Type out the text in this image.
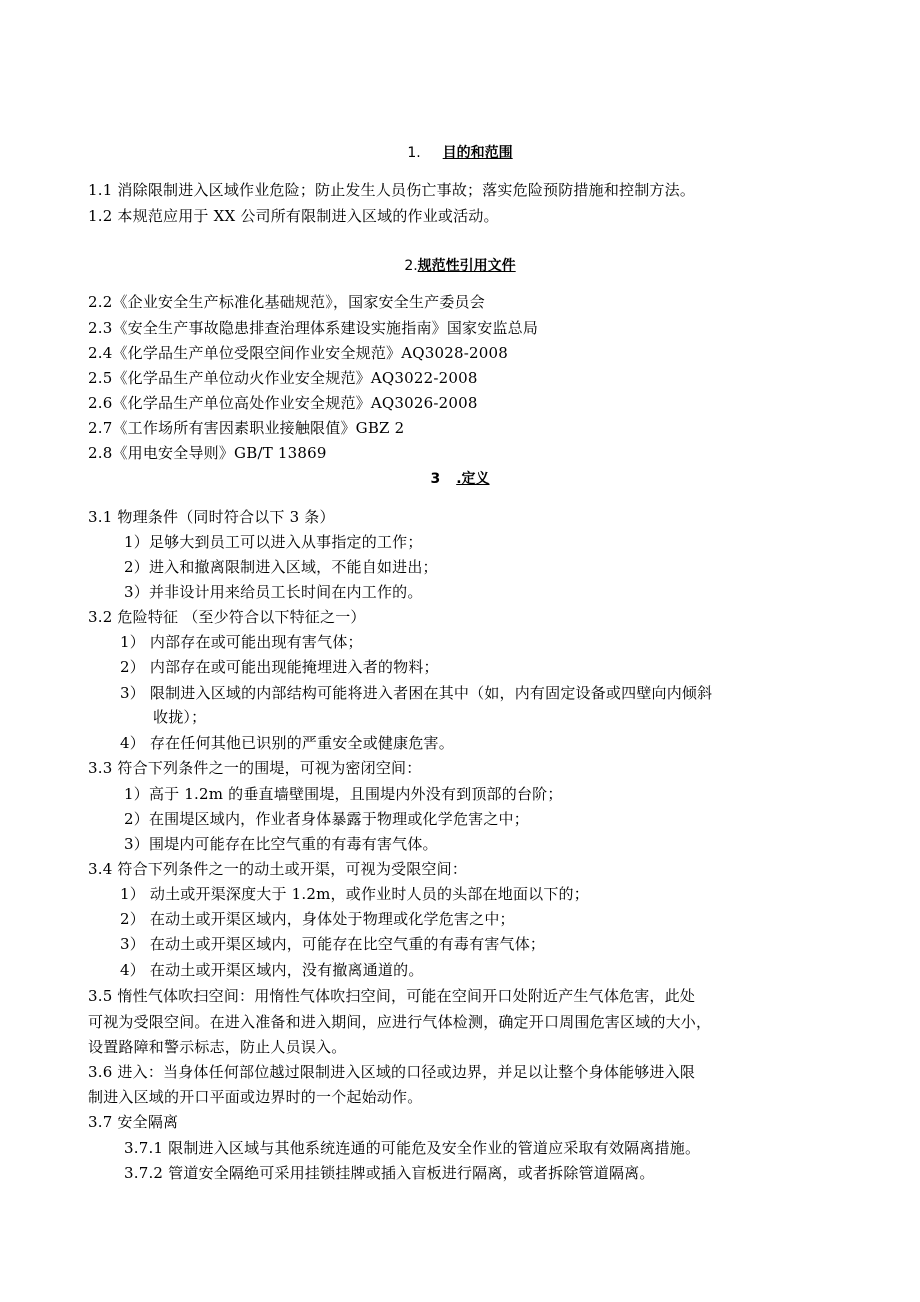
1. 目的和范围
1.1 消除限制进入区域作业危险；防止发生人员伤亡事故；落实危险预防措施和控制方法。
1.2 本规范应用于 XX 公司所有限制进入区域的作业或活动。
2.规范性引用文件
2.2《企业安全生产标准化基础规范》，国家安全生产委员会
2.3《安全生产事故隐患排查治理体系建设实施指南》国家安监总局
2.4《化学品生产单位受限空间作业安全规范》AQ3028-2008
2.5《化学品生产单位动火作业安全规范》AQ3022-2008
2.6《化学品生产单位高处作业安全规范》AQ3026-2008
2.7《工作场所有害因素职业接触限值》GBZ 2
2.8《用电安全导则》GB/T 13869
3 .定义
3.1 物理条件（同时符合以下 3 条）
1）足够大到员工可以进入从事指定的工作；
2）进入和撤离限制进入区域，不能自如进出；
3）并非设计用来给员工长时间在内工作的。
3.2 危险特征 （至少符合以下特征之一）
1） 内部存在或可能出现有害气体；
2） 内部存在或可能出现能掩埋进入者的物料；
3） 限制进入区域的内部结构可能将进入者困在其中（如，内有固定设备或四壁向内倾斜
收拢）；
4） 存在任何其他已识别的严重安全或健康危害。
3.3 符合下列条件之一的围堤，可视为密闭空间：
1）高于 1.2m 的垂直墙壁围堤，且围堤内外没有到顶部的台阶；
2）在围堤区域内，作业者身体暴露于物理或化学危害之中；
3）围堤内可能存在比空气重的有毒有害气体。
3.4 符合下列条件之一的动土或开渠，可视为受限空间：
1） 动土或开渠深度大于 1.2m，或作业时人员的头部在地面以下的；
2） 在动土或开渠区域内，身体处于物理或化学危害之中；
3） 在动土或开渠区域内，可能存在比空气重的有毒有害气体；
4） 在动土或开渠区域内，没有撤离通道的。
3.5 惰性气体吹扫空间：用惰性气体吹扫空间，可能在空间开口处附近产生气体危害，此处
可视为受限空间。在进入准备和进入期间，应进行气体检测，确定开口周围危害区域的大小，
设置路障和警示标志，防止人员误入。
3.6 进入：当身体任何部位越过限制进入区域的口径或边界，并足以让整个身体能够进入限
制进入区域的开口平面或边界时的一个起始动作。
3.7 安全隔离
3.7.1 限制进入区域与其他系统连通的可能危及安全作业的管道应采取有效隔离措施。
3.7.2 管道安全隔绝可采用挂锁挂牌或插入盲板进行隔离，或者拆除管道隔离。
